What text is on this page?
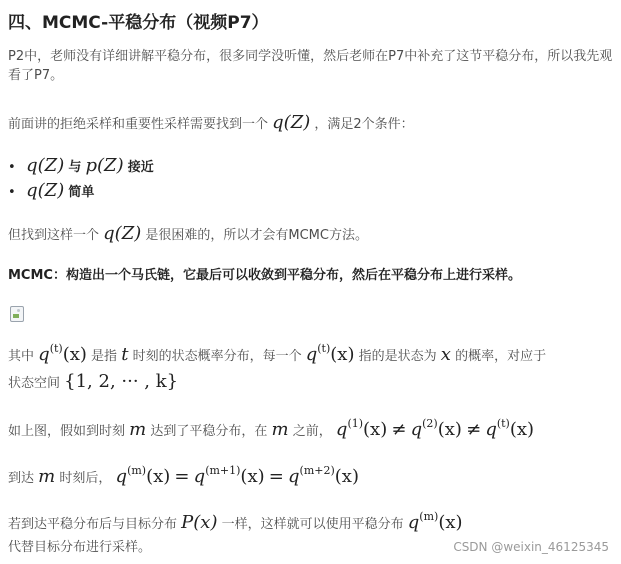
四、MCMC-平稳分布（视频P7）
P2中，老师没有详细讲解平稳分布，很多同学没听懂，然后老师在P7中补充了这节平稳分布，所以我先观看了P7。
前面讲的拒绝采样和重要性采样需要找到一个 q(Z) ，满足2个条件：
• q(Z) 与 p(Z) 接近
• q(Z) 简单
但找到这样一个 q(Z) 是很困难的，所以才会有MCMC方法。
MCMC：构造出一个马氏链，它最后可以收敛到平稳分布，然后在平稳分布上进行采样。
其中 $q^{(t)}(x)$ 是指 t 时刻的状态概率分布，每一个 $q^{(t)}(x)$ 指的是状态为 x 的概率，对应于
状态空间 {1, 2, ··· , k}
如上图，假如到时刻 m 达到了平稳分布，在 m 之前， $q^{(1)}(x) \ne q^{(2)}(x) \ne q^{(t)}(x)$
到达 m 时刻后， $q^{(m)}(x) = q^{(m+1)}(x) = q^{(m+2)}(x)$
若到达平稳分布后与目标分布 P(x) 一样，这样就可以使用平稳分布 $q^{(m)}(x)$
代替目标分布进行采样。	CSDN @weixin_46125345
